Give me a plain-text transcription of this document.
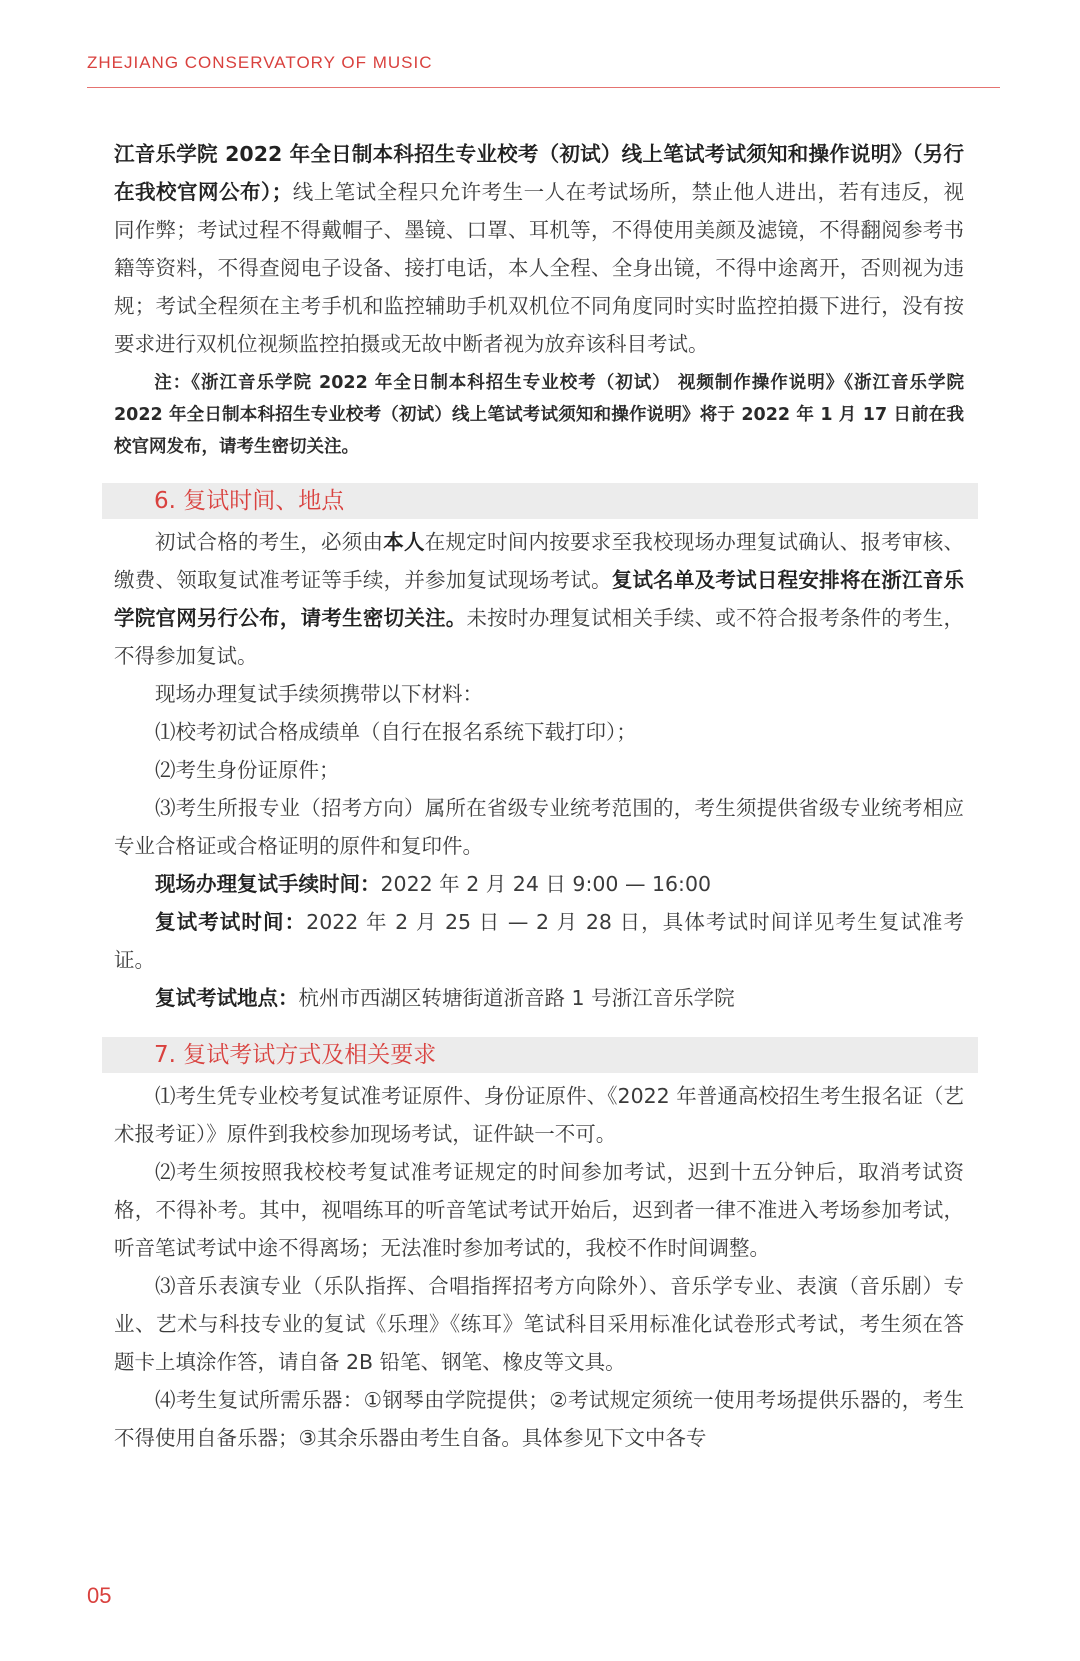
ZHEJIANG CONSERVATORY OF MUSIC

江音乐学院 2022 年全日制本科招生专业校考（初试）线上笔试考试须知和操作说明》（另行在我校官网公布）；线上笔试全程只允许考生一人在考试场所，禁止他人进出，若有违反，视同作弊；考试过程不得戴帽子、墨镜、口罩、耳机等，不得使用美颜及滤镜，不得翻阅参考书籍等资料，不得查阅电子设备、接打电话，本人全程、全身出镜，不得中途离开，否则视为违规；考试全程须在主考手机和监控辅助手机双机位不同角度同时实时监控拍摄下进行，没有按要求进行双机位视频监控拍摄或无故中断者视为放弃该科目考试。

注：《浙江音乐学院 2022 年全日制本科招生专业校考（初试） 视频制作操作说明》《浙江音乐学院 2022 年全日制本科招生专业校考（初试）线上笔试考试须知和操作说明》将于 2022 年 1 月 17 日前在我校官网发布，请考生密切关注。

6. 复试时间、地点

初试合格的考生，必须由本人在规定时间内按要求至我校现场办理复试确认、报考审核、缴费、领取复试准考证等手续，并参加复试现场考试。复试名单及考试日程安排将在浙江音乐学院官网另行公布，请考生密切关注。未按时办理复试相关手续、或不符合报考条件的考生，不得参加复试。

现场办理复试手续须携带以下材料：

⑴校考初试合格成绩单（自行在报名系统下载打印）；

⑵考生身份证原件；

⑶考生所报专业（招考方向）属所在省级专业统考范围的，考生须提供省级专业统考相应专业合格证或合格证明的原件和复印件。

现场办理复试手续时间：2022 年 2 月 24 日 9:00 — 16:00

复试考试时间：2022 年 2 月 25 日 — 2 月 28 日，具体考试时间详见考生复试准考证。

复试考试地点：杭州市西湖区转塘街道浙音路 1 号浙江音乐学院

7. 复试考试方式及相关要求

⑴考生凭专业校考复试准考证原件、身份证原件、《2022 年普通高校招生考生报名证（艺术报考证）》原件到我校参加现场考试，证件缺一不可。

⑵考生须按照我校校考复试准考证规定的时间参加考试，迟到十五分钟后，取消考试资格，不得补考。其中，视唱练耳的听音笔试考试开始后，迟到者一律不准进入考场参加考试，听音笔试考试中途不得离场；无法准时参加考试的，我校不作时间调整。

⑶音乐表演专业（乐队指挥、合唱指挥招考方向除外）、音乐学专业、表演（音乐剧）专业、艺术与科技专业的复试《乐理》《练耳》笔试科目采用标准化试卷形式考试，考生须在答题卡上填涂作答，请自备 2B 铅笔、钢笔、橡皮等文具。

⑷考生复试所需乐器：①钢琴由学院提供；②考试规定须统一使用考场提供乐器的，考生不得使用自备乐器；③其余乐器由考生自备。具体参见下文中各专

05
